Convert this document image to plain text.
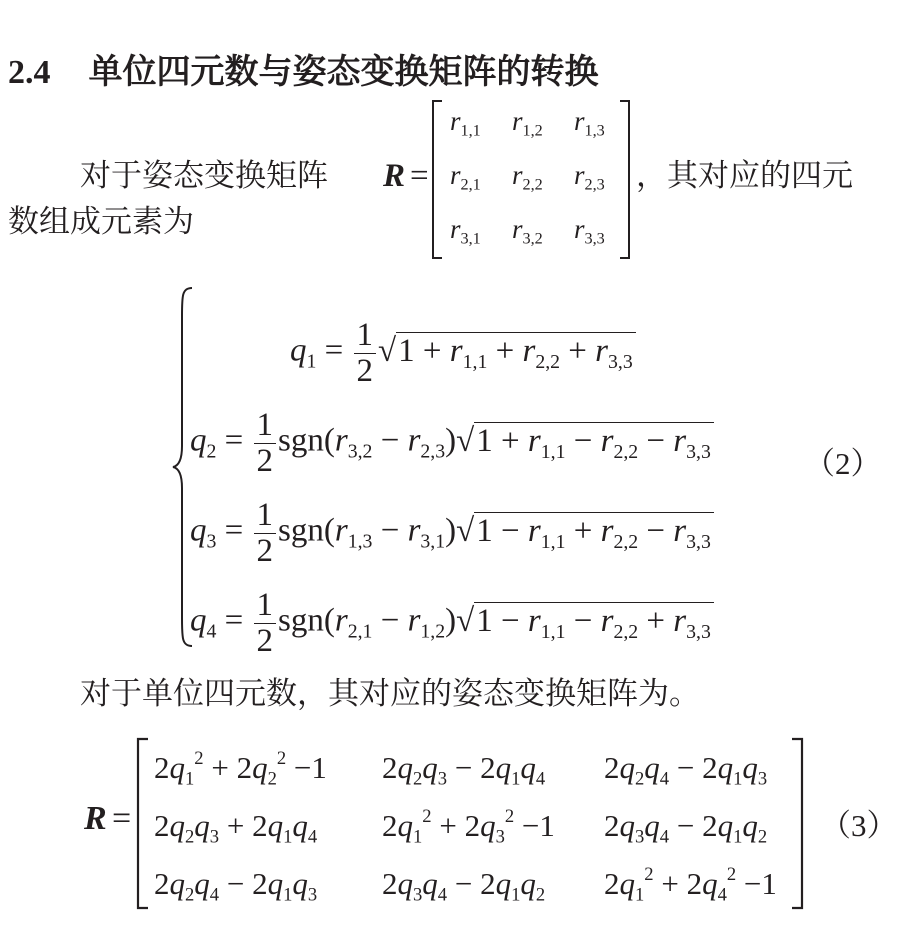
2.4 单位四元数与姿态变换矩阵的转换
对于姿态变换矩阵 R =	，其对应的四元
数组成元素为
$q_1 = \frac{1}{2} √1 + r_{1,1} + r_{2,2} + r_{3,3}$
$q_2 = \frac{1}{2} sgn(r_{3,2} - r_{2,3})√1 + r_{1,1} - r_{2,2} - r_{3,3}$
$q_3 = \frac{1}{2} sgn(r_{1,3} - r_{3,1})√1 - r_{1,1} + r_{2,2} - r_{3,3}$
$q_4 = \frac{1}{2} sgn(r_{2,1} - r_{1,2})√1 - r_{1,1} - r_{2,2} + r_{3,3}$
（2）
对于单位四元数，其对应的姿态变换矩阵为。
R =
$2q_1^2 + 2q_2^2 -1$ $2q_2q_3 - 2q_1q_4$ $2q_2q_4 - 2q_1q_3$
$2q_2q_3 + 2q_1q_4$ $2q_1^2 + 2q_3^2 -1$ $2q_3q_4 - 2q_1q_2$
$2q_2q_4 - 2q_1q_3$ $2q_3q_4 - 2q_1q_2$ $2q_1^2 + 2q_4^2 -1$
（3）
$r_{1,1}$ $r_{1,2}$ $r_{1,3}$
$r_{2,1}$ $r_{2,2}$ $r_{2,3}$
$r_{3,1}$ $r_{3,2}$ $r_{3,3}$
